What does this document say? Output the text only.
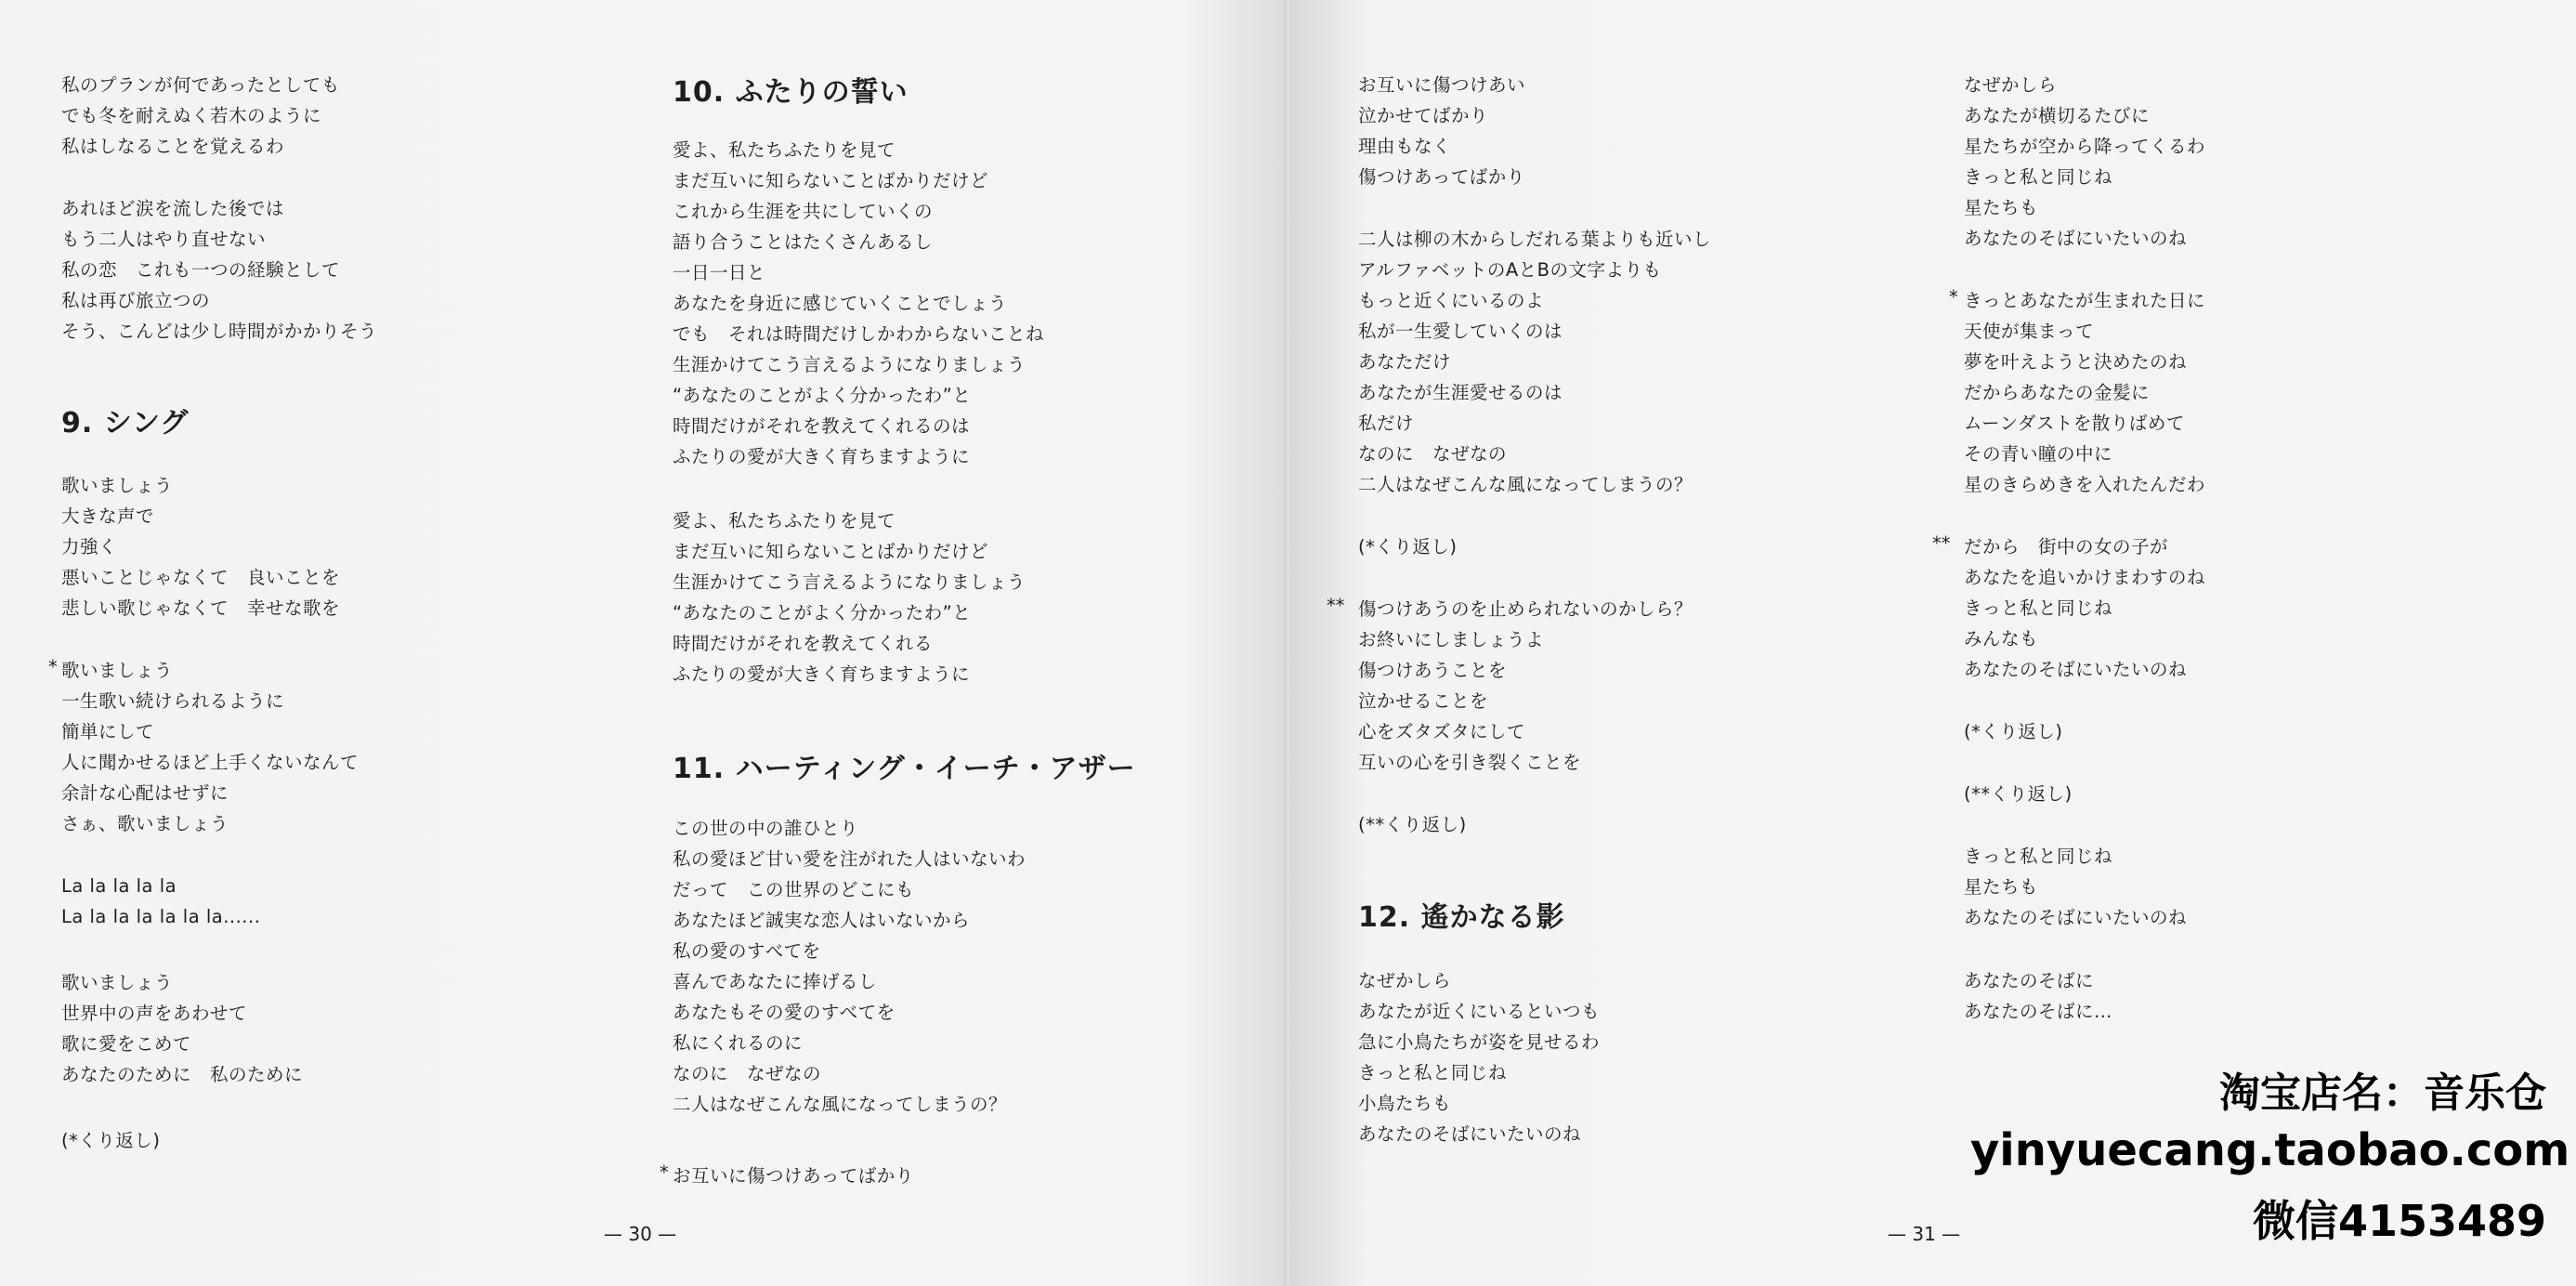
私のプランが何であったとしても
でも冬を耐えぬく若木のように
私はしなることを覚えるわ
あれほど涙を流した後では
もう二人はやり直せない
私の恋　これも一つの経験として
私は再び旅立つの
そう、こんどは少し時間がかかりそう
9. シング
歌いましょう
大きな声で
力強く
悪いことじゃなくて　良いことを
悲しい歌じゃなくて　幸せな歌を
* 歌いましょう
一生歌い続けられるように
簡単にして
人に聞かせるほど上手くないなんて
余計な心配はせずに
さぁ、歌いましょう
La la la la la
La la la la la la la......
歌いましょう
世界中の声をあわせて
歌に愛をこめて
あなたのために　私のために
(*くり返し)
10. ふたりの誓い
愛よ、私たちふたりを見て
まだ互いに知らないことばかりだけど
これから生涯を共にしていくの
語り合うことはたくさんあるし
一日一日と
あなたを身近に感じていくことでしょう
でも　それは時間だけしかわからないことね
生涯かけてこう言えるようになりましょう
“あなたのことがよく分かったわ”と
時間だけがそれを教えてくれるのは
ふたりの愛が大きく育ちますように
愛よ、私たちふたりを見て
まだ互いに知らないことばかりだけど
生涯かけてこう言えるようになりましょう
“あなたのことがよく分かったわ”と
時間だけがそれを教えてくれる
ふたりの愛が大きく育ちますように
11. ハーティング・イーチ・アザー
この世の中の誰ひとり
私の愛ほど甘い愛を注がれた人はいないわ
だって　この世界のどこにも
あなたほど誠実な恋人はいないから
私の愛のすべてを
喜んであなたに捧げるし
あなたもその愛のすべてを
私にくれるのに
なのに　なぜなの
二人はなぜこんな風になってしまうの？
* お互いに傷つけあってばかり
— 30 —
お互いに傷つけあい
泣かせてばかり
理由もなく
傷つけあってばかり
二人は柳の木からしだれる葉よりも近いし
アルファベットのAとBの文字よりも
もっと近くにいるのよ
私が一生愛していくのは
あなただけ
あなたが生涯愛せるのは
私だけ
なのに　なぜなの
二人はなぜこんな風になってしまうの？
(*くり返し)
** 傷つけあうのを止められないのかしら？
お終いにしましょうよ
傷つけあうことを
泣かせることを
心をズタズタにして
互いの心を引き裂くことを
(**くり返し)
12. 遙かなる影
なぜかしら
あなたが近くにいるといつも
急に小鳥たちが姿を見せるわ
きっと私と同じね
小鳥たちも
あなたのそばにいたいのね
なぜかしら
あなたが横切るたびに
星たちが空から降ってくるわ
きっと私と同じね
星たちも
あなたのそばにいたいのね
* きっとあなたが生まれた日に
天使が集まって
夢を叶えようと決めたのね
だからあなたの金髪に
ムーンダストを散りばめて
その青い瞳の中に
星のきらめきを入れたんだわ
** だから　街中の女の子が
あなたを追いかけまわすのね
きっと私と同じね
みんなも
あなたのそばにいたいのね
(*くり返し)
(**くり返し)
きっと私と同じね
星たちも
あなたのそばにいたいのね
あなたのそばに
あなたのそばに…
— 31 —
淘宝店名：音乐仓
yinyuecang.taobao.com
微信4153489
